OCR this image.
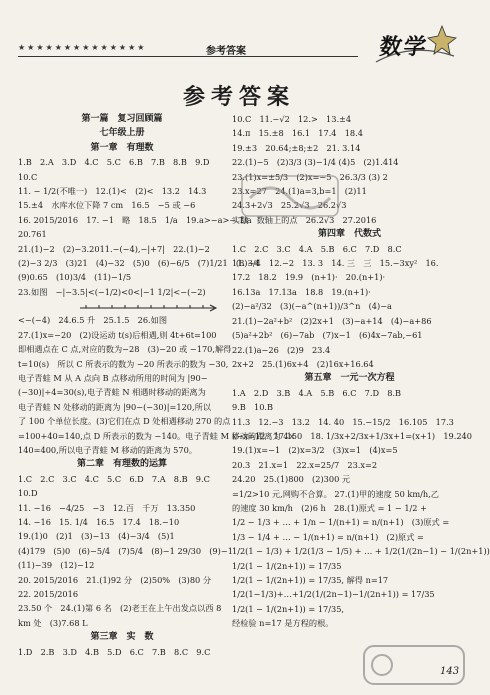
★★★★★★★★★★★★★★	参考答案	数学
参考答案
第一篇　复习回顾篇
七年级上册
第一章　有理数
1.B　2.A　3.D　4.C　5.C　6.B　7.B　8.B　9.D
10.C
11. − 1/2(不唯一)　12.(1)<　(2)<　13.2　14.3
15.±4　水库水位下降 7 cm　16.5　−5 或 −6
16. 2015/2016　17. −1　略　18.5　1/a　19.a>−a>− 1/a
20.761
21.(1)−2　(2)−3.2011.−(−4),−|+7|　22.(1)−2
(2)−3 2/3　(3)21　(4)−32　(5)0　(6)−6/5　(7)1/21　(8)−4
(9)0.65　(10)3/4　(11)−1/5
23.如图　−|−3.5|<(−1/2)<0<|−1 1/2|<−(−2)
<−(−4)　24.6.5 升　25.1.5　26.如图
27.(1)x=−20　(2)设运动 t(s)后相遇,则 4t+6t=100
即相遇点在 C 点,对应的数为−28　(3)−20 或 −170,解得
t=10(s)　所以 C 所表示的数为 −20 所表示的数为 −30,
电子青蛙 M 从 A 点向 B 点移动所用的时间为 |90−
(−30)|÷4=30(s),电子青蛙 N 相遇时移动的距离为
电子青蛙 N 处移动的距离为 |90−(−30)|=120,所以
了 100 个单位长度。(3)它们在点 D 处相遇移动 270 的点
=100+40=140,点 D 所表示的数为 −140。电子青蛙 M 移动的距离为 4×
140=400,所以电子青蛙 M 移动的距离为 570。
第二章　有理数的运算
1.C　2.C　3.C　4.C　5.C　6.D　7.A　8.B　9.C
10.D
11. −16　−4/25　−3　12.百　千万　13.350
14. −16　15. 1/4　16.5　17.4　18.−10
19.(1)0　(2)1　(3)−13　(4)−3/4　(5)1
(4)179　(5)0　(6)−5/4　(7)5/4　(8)−1 29/30　(9)−1
(11)−39　(12)−12
20. 2015/2016　21.(1)92 分　(2)50%　(3)80 分
22. 2015/2016
23.50 个　24.(1)第 6 名　(2)老王在上午出发点以西 8
km 处　(3)7.68 L
第三章　实　数
1.D　2.B　3.D　4.B　5.D　6.C　7.B　8.C　9.C
10.C　11.−√2　12.>　13.±4
14.π　15.±8　16.1　17.4　18.4
19.±3　20.64;±8;±2　21. 3.14
22.(1)−5　(2)3/3 (3)−1/4 (4)5　(2)1.414
23.(1)x=±5/3　(2)x=−5　26.3/3 (3) 2
23.x=27　24.(1)a=3,b=1　(2)11
24.3+2√3　25.2√3　26.2√3
实数　数轴上的点　26.2√3　27.2016
第四章　代数式
1.C　2.C　3.C　4.A　5.B　6.C　7.D　8.C
11. 3/4　12.−2　13. 3　14. 三　三　15.−3xy²　16.
17.2　18.2　19.9　(n+1)·　20.(n+1)·
16.13a　17.13a　18.8　19.(n+1)·
(2)−a²/32　(3)(−a^(n+1))/3^n　(4)−a
21.(1)−2a²+b²　(2)2x+1　(3)−a+14　(4)−a+86
(5)a²+2b²　(6)−7ab　(7)x−1　(6)4x−7ab,−61
22.(1)a−26　(2)9　23.4
2x+2　25.(1)6x+4　(2)16x+16.64
第五章　一元一次方程
1.A　2.D　3.B　4.A　5.B　6.C　7.D　8.B
9.B　10.B
11.3　12.−3　13.2　14. 40　15.−15/2　16.105　17.3
x−x=12　17.150　18. 1/3x+2/3x+1/3x+1=(x+1)　19.240
19.(1)x=−1　(2)x=3/2　(3)x=1　(4)x=5
20.3　21.x=1　22.x=25/7　23.x=2
24.20　25.(1)800　(2)300 元
=1/2>10 元,网购不合算。 27.(1)甲的速度 50 km/h,乙
的速度 30 km/h　(2)6 h　28.(1)原式 = 1 − 1/2 +
1/2 − 1/3 + … + 1/n − 1/(n+1) = n/(n+1)　(3)原式 =
1/3 − 1/4 + … − 1/(n+1) = n/(n+1)　(2)原式 =
1/2(1 − 1/3) + 1/2(1/3 − 1/5) + … + 1/2(1/(2n−1) − 1/(2n+1))
1/2(1 − 1/(2n+1)) = 17/35
1/2(1 − 1/(2n+1)) = 17/35, 解得 n=17
1/2(1−1/3)+…+1/2(1/(2n−1)−1/(2n+1)) = 17/35
1/2(1 − 1/(2n+1)) = 17/35,
经检验 n=17 是方程的根。
143
